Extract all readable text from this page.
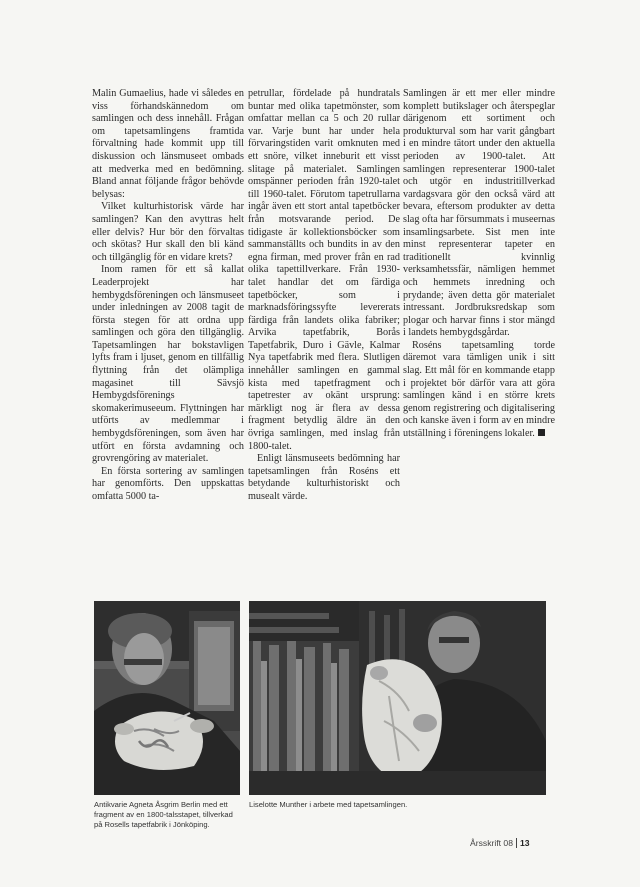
Malin Gumaelius, hade vi således en viss förhandskännedom om samlingen och dess innehåll. Frågan om tapetsamlingens framtida förvaltning hade kommit upp till diskussion och länsmuseet ombads att medverka med en bedömning. Bland annat följande frågor behövde belysas:

Vilket kulturhistorisk värde har samlingen? Kan den avyttras helt eller delvis? Hur bör den förvaltas och skötas? Hur skall den bli känd och tillgänglig för en vidare krets?

Inom ramen för ett så kallat Leaderprojekt har hembygdsföreningen och länsmuseet under inledningen av 2008 tagit de första stegen för att ordna upp samlingen och göra den tillgänglig. Tapetsamlingen har bokstavligen lyfts fram i ljuset, genom en tillfällig flyttning från det olämpliga magasinet till Sävsjö Hembygdsförenings skomakerimuseeum. Flyttningen har utförts av medlemmar i hembygdsföreningen, som även har utfört en första avdamning och grovrengöring av materialet.

En första sortering av samlingen har genomförts. Den uppskattas omfatta 5000 ta-

petrullar, fördelade på hundratals buntar med olika tapetmönster, som omfattar mellan ca 5 och 20 rullar var. Varje bunt har under hela förvaringstiden varit omknuten med ett snöre, vilket inneburit ett visst slitage på materialet. Samlingen omspänner perioden från 1920-talet till 1960-talet. Förutom tapetrullarna ingår även ett stort antal tapetböcker från motsvarande period. De tidigaste är kollektionsböcker som sammanställts och bundits in av den egna firman, med prover från en rad olika tapettillverkare. Från 1930-talet handlar det om färdiga tapetböcker, som i marknadsföringssyfte levererats färdiga från landets olika fabriker; Arvika tapetfabrik, Borås Tapetfabrik, Duro i Gävle, Kalmar Nya tapetfabrik med flera. Slutligen innehåller samlingen en gammal kista med tapetfragment och tapetrester av okänt ursprung: märkligt nog är flera av dessa fragment betydlig äldre än den övriga samlingen, med inslag från 1800-talet.

Enligt länsmuseets bedömning har tapetsamlingen från Roséns ett betydande kulturhistoriskt och musealt värde.

Samlingen är ett mer eller mindre komplett butikslager och återspeglar därigenom ett sortiment och produkturval som har varit gångbart i en mindre tätort under den aktuella perioden av 1900-talet. Att samlingen representerar 1900-talet och utgör en industritillverkad vardagsvara gör den också värd att bevara, eftersom produkter av detta slag ofta har försummats i museernas insamlingsarbete. Sist men inte minst representerar tapeter en traditionellt kvinnlig verksamhetssfär, nämligen hemmet och hemmets inredning och prydande; även detta gör materialet intressant. Jordbruksredskap som plogar och harvar finns i stor mängd i landets hembygdsgårdar.

Roséns tapetsamling torde däremot vara tämligen unik i sitt slag. Ett mål för en kommande etapp i projektet bör därför vara att göra samlingen känd i en större krets genom registrering och digitalisering och kanske även i form av en mindre utställning i föreningens lokaler.

Antikvarie Agneta Åsgrim Berlin med ett fragment av en 1800-talsstapet, tillverkad på Rosells tapetfabrik i Jönköping.
Liselotte Munther i arbete med tapetsamlingen.
Årsskrift 08 13
